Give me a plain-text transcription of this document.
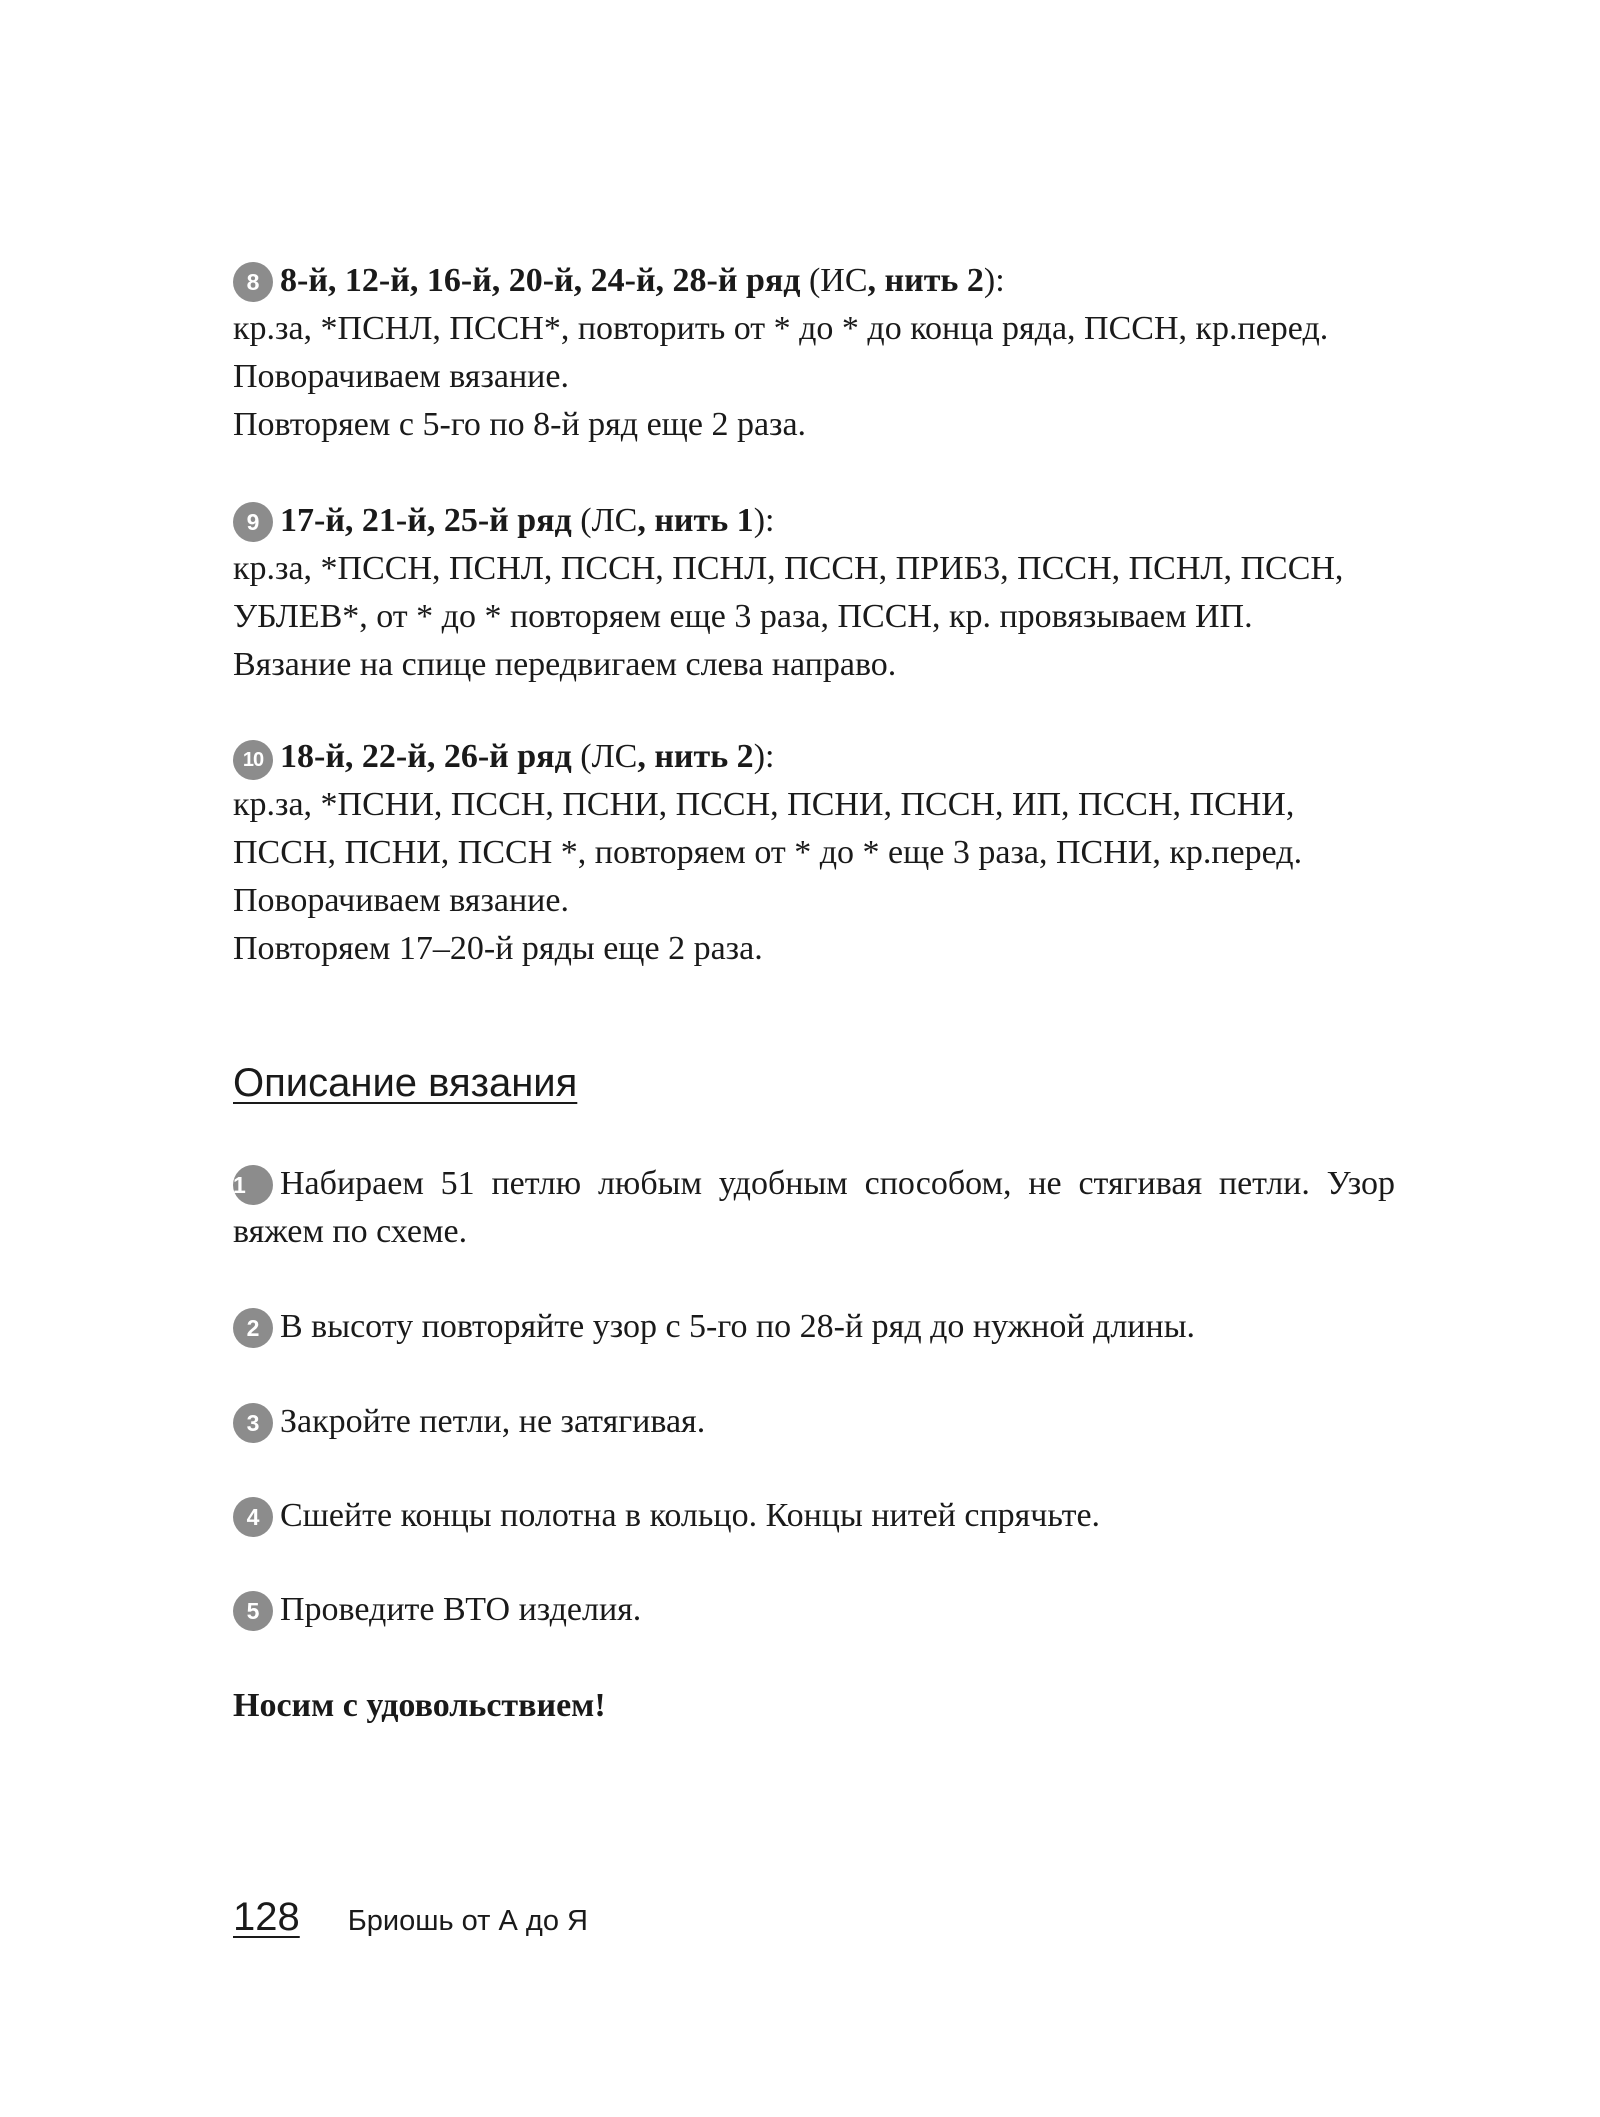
8 8-й, 12-й, 16-й, 20-й, 24-й, 28-й ряд (ИС, нить 2):
кр.за, *ПСНЛ, ПССН*, повторить от * до * до конца ряда, ПССН, кр.перед.
Поворачиваем вязание.
Повторяем с 5-го по 8-й ряд еще 2 раза.
9 17-й, 21-й, 25-й ряд (ЛС, нить 1):
кр.за, *ПССН, ПСНЛ, ПССН, ПСНЛ, ПССН, ПРИБ3, ПССН, ПСНЛ, ПССН,
УБЛЕВ*, от * до * повторяем еще 3 раза, ПССН, кр. провязываем ИП.
Вязание на спице передвигаем слева направо.
10 18-й, 22-й, 26-й ряд (ЛС, нить 2):
кр.за, *ПСНИ, ПССН, ПСНИ, ПССН, ПСНИ, ПССН, ИП, ПССН, ПСНИ,
ПССН, ПСНИ, ПССН *, повторяем от * до * еще 3 раза, ПСНИ, кр.перед.
Поворачиваем вязание.
Повторяем 17–20-й ряды еще 2 раза.
Описание вязания
1 Набираем 51 петлю любым удобным способом, не стягивая петли. Узор вяжем по схеме.
2 В высоту повторяйте узор с 5-го по 28-й ряд до нужной длины.
3 Закройте петли, не затягивая.
4 Сшейте концы полотна в кольцо. Концы нитей спрячьте.
5 Проведите ВТО изделия.
Носим с удовольствием!
128 Бриошь от А до Я
